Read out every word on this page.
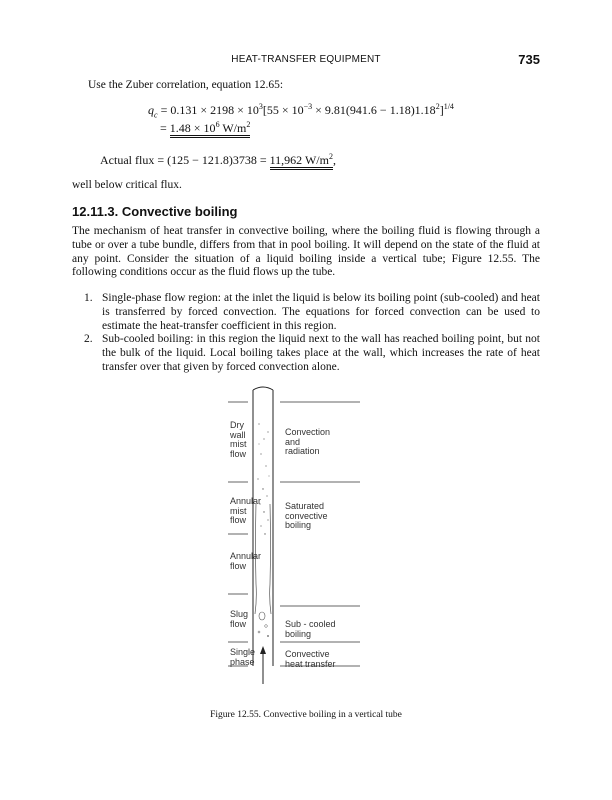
HEAT-TRANSFER EQUIPMENT	735
Use the Zuber correlation, equation 12.65:
$q_c = 0.131 \times 2198 \times 10^3[55 \times 10^{-3} \times 9.81(941.6 - 1.18)1.18^2]^{1/4}$
= $1.48 \times 10^6$ $W/m^2$
Actual flux = (125 − 121.8)3738 = 11,962 $W/m^2$,
well below critical flux.
12.11.3. Convective boiling
The mechanism of heat transfer in convective boiling, where the boiling fluid is flowing through a tube or over a tube bundle, differs from that in pool boiling. It will depend on the state of the fluid at any point. Consider the situation of a liquid boiling inside a vertical tube; Figure 12.55. The following conditions occur as the fluid flows up the tube.
1. Single-phase flow region: at the inlet the liquid is below its boiling point (sub-cooled) and heat is transferred by forced convection. The equations for forced convection can be used to estimate the heat-transfer coefficient in this region.
2. Sub-cooled boiling: in this region the liquid next to the wall has reached boiling point, but not the bulk of the liquid. Local boiling takes place at the wall, which increases the rate of heat transfer over that given by forced convection alone.
Dry
wall
mist
flow
Annular
mist
flow
Annular
flow
Slug
flow
Single
phase
Convection
and
radiation
Saturated
convective
boiling
Sub - cooled
boiling
Convective
heat transfer
Figure 12.55. Convective boiling in a vertical tube
